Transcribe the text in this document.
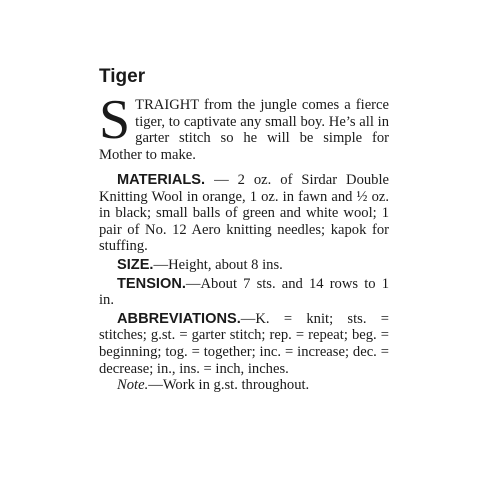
Tiger
S TRAIGHT from the jungle comes a fierce tiger, to captivate any small boy. He’s all in garter stitch so he will be simple for Mother to make.
MATERIALS. — 2 oz. of Sirdar Double Knitting Wool in orange, 1 oz. in fawn and ½ oz. in black; small balls of green and white wool; 1 pair of No. 12 Aero knitting needles; kapok for stuffing.
SIZE.—Height, about 8 ins.
TENSION.—About 7 sts. and 14 rows to 1 in.
ABBREVIATIONS.—K. = knit; sts. = stitches; g.st. = garter stitch; rep. = repeat; beg. = beginning; tog. = together; inc. = increase; dec. = decrease; in., ins. = inch, inches.
Note.—Work in g.st. throughout.
